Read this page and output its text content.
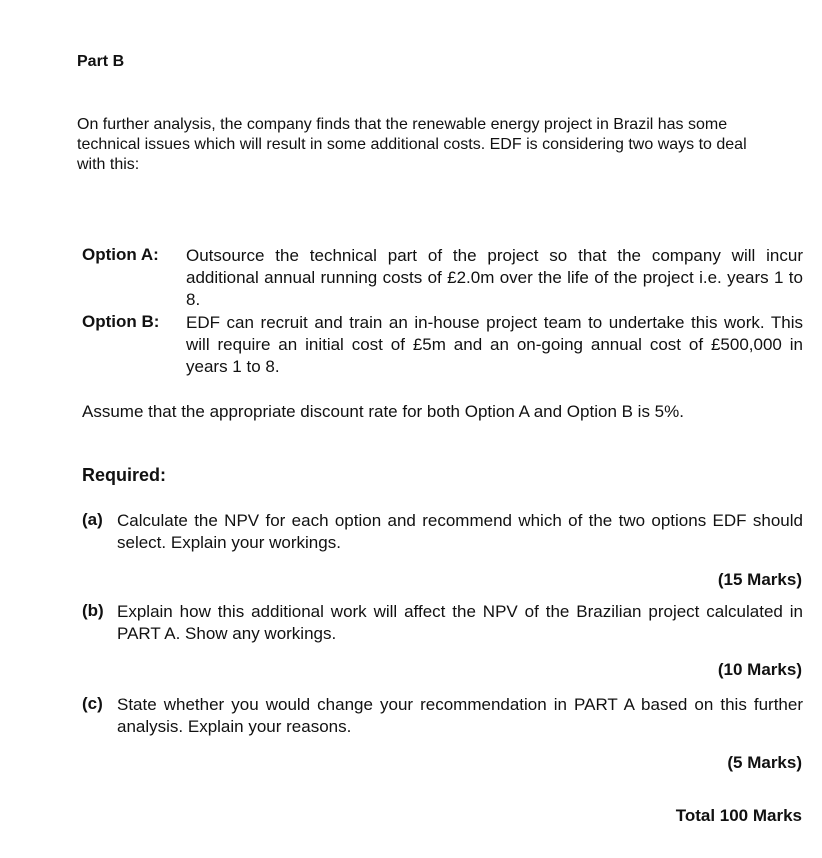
Part B
On further analysis, the company finds that the renewable energy project in Brazil has some technical issues which will result in some additional costs. EDF is considering two ways to deal with this:
Option A: Outsource the technical part of the project so that the company will incur additional annual running costs of £2.0m over the life of the project i.e. years 1 to 8.
Option B: EDF can recruit and train an in-house project team to undertake this work. This will require an initial cost of £5m and an on-going annual cost of £500,000 in years 1 to 8.
Assume that the appropriate discount rate for both Option A and Option B is 5%.
Required:
(a) Calculate the NPV for each option and recommend which of the two options EDF should select. Explain your workings.
(15 Marks)
(b) Explain how this additional work will affect the NPV of the Brazilian project calculated in PART A. Show any workings.
(10 Marks)
(c) State whether you would change your recommendation in PART A based on this further analysis. Explain your reasons.
(5 Marks)
Total 100 Marks
